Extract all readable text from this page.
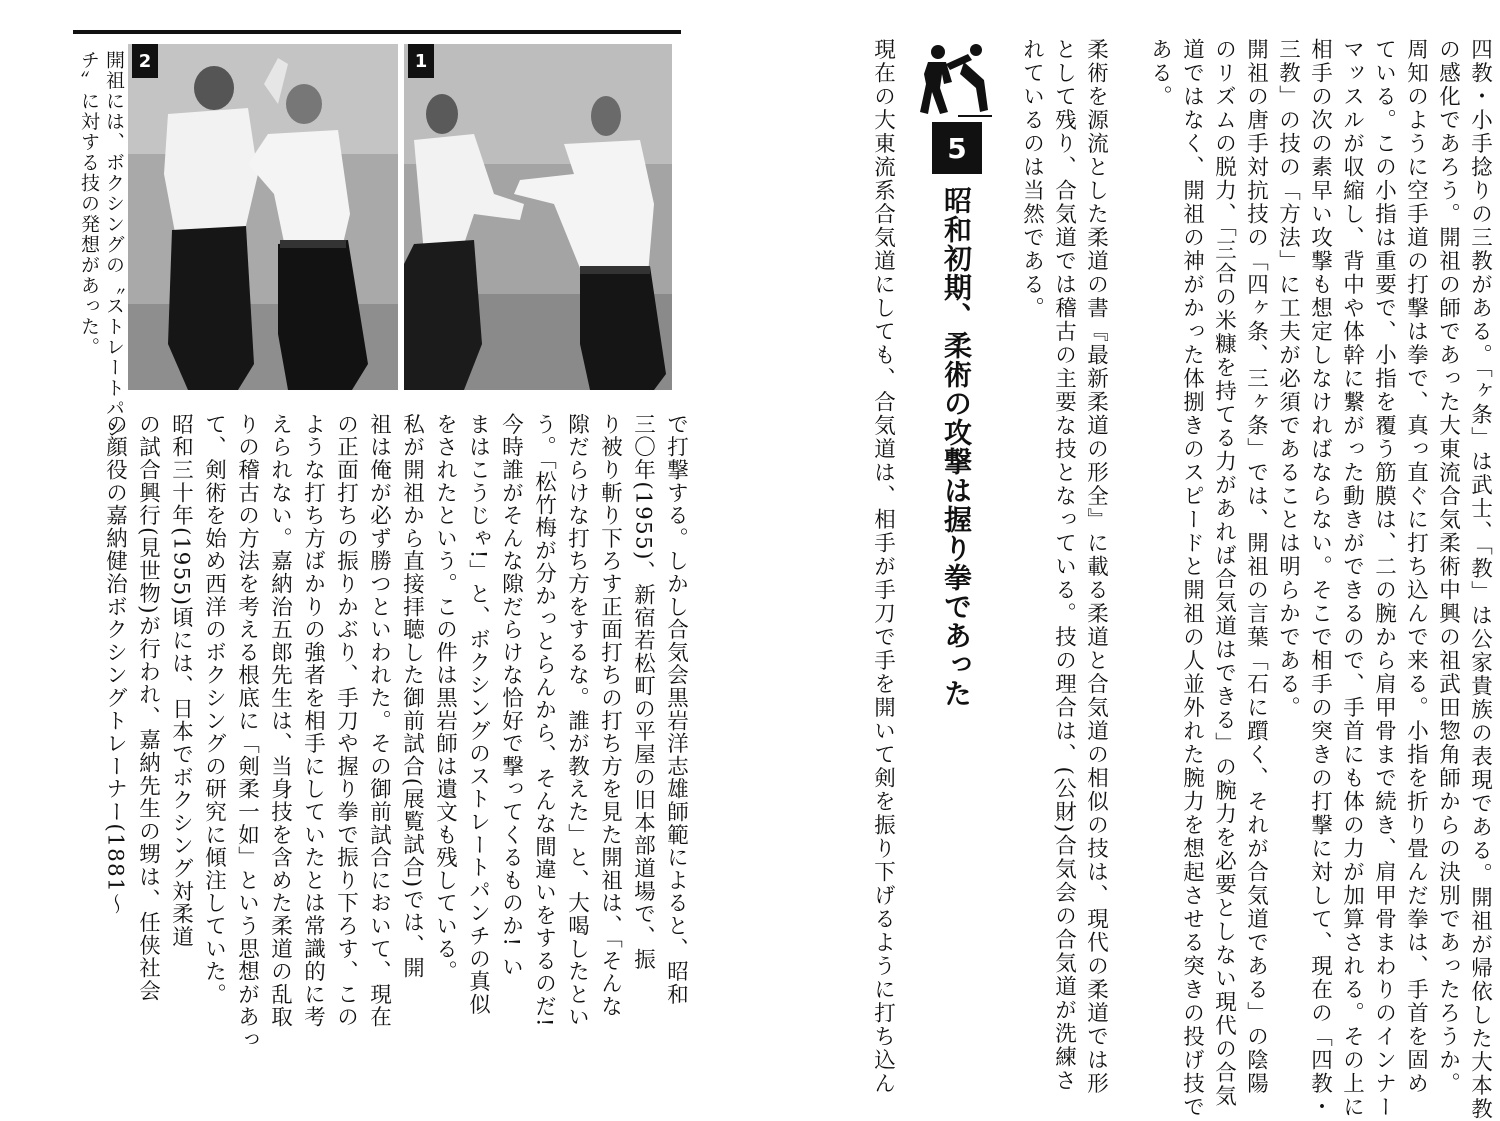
四教・小手捻りの三教がある。「ヶ条」は武士、「教」は公家貴族の表現である。開祖が帰依した大本教
の感化であろう。開祖の師であった大東流合気柔術中興の祖武田惣角師からの決別であったろうか。
周知のように空手道の打撃は拳で、真っ直ぐに打ち込んで来る。小指を折り畳んだ拳は、手首を固め
ている。この小指は重要で、小指を覆う筋膜は、二の腕から肩甲骨まで続き、肩甲骨まわりのインナー
マッスルが収縮し、背中や体幹に繋がった動きができるので、手首にも体の力が加算される。その上に
相手の次の素早い攻撃も想定しなければならない。そこで相手の突きの打撃に対して、現在の「四教・
三教」の技の「方法」に工夫が必須であることは明らかである。
開祖の唐手対抗技の「四ヶ条、三ヶ条」では、開祖の言葉「石に躓く、それが合気道である」の陰陽
のリズムの脱力、「三合の米糠を持てる力があれば合気道はできる」の腕力を必要としない現代の合気
道ではなく、開祖の神がかった体捌きのスピードと開祖の人並外れた腕力を想起させる突きの投げ技で
ある。
柔術を源流とした柔道の書『最新柔道の形全』に載る柔道と合気道の相似の技は、現代の柔道では形
として残り、合気道では稽古の主要な技となっている。技の理合は、(公財)合気会の合気道が洗練さ
れているのは当然である。
現在の大東流系合気道にしても、合気道は、相手が手刀で手を開いて剣を振り下げるように打ち込ん	5
昭和初期、柔術の攻撃は握り拳であった
1
2
開祖には、ボクシングの〝ストレートパン
チ〟に対する技の発想があった。
で打撃する。しかし合気会黒岩洋志雄師範によると、昭和
三〇年(1955)、新宿若松町の平屋の旧本部道場で、振
り被り斬り下ろす正面打ちの打ち方を見た開祖は、「そんな
隙だらけな打ち方をするな。誰が教えた」と、大喝したとい
う。「松竹梅が分かっとらんから、そんな間違いをするのだ!
今時誰がそんな隙だらけな恰好で撃ってくるものか! い
まはこうじゃ!」と、ボクシングのストレートパンチの真似
をされたという。この件は黒岩師は遺文も残している。
私が開祖から直接拝聴した御前試合(展覧試合)では、開
祖は俺が必ず勝つといわれた。その御前試合において、現在
の正面打ちの振りかぶり、手刀や握り拳で振り下ろす、この
ような打ち方ばかりの強者を相手にしていたとは常識的に考
えられない。嘉納治五郎先生は、当身技を含めた柔道の乱取
りの稽古の方法を考える根底に「剣柔一如」という思想があっ
て、剣術を始め西洋のボクシングの研究に傾注していた。
昭和三十年(1955)頃には、日本でボクシング対柔道
の試合興行(見世物)が行われ、嘉納先生の甥は、任侠社会
の顔役の嘉納健治ボクシングトレーナー(1881〜
